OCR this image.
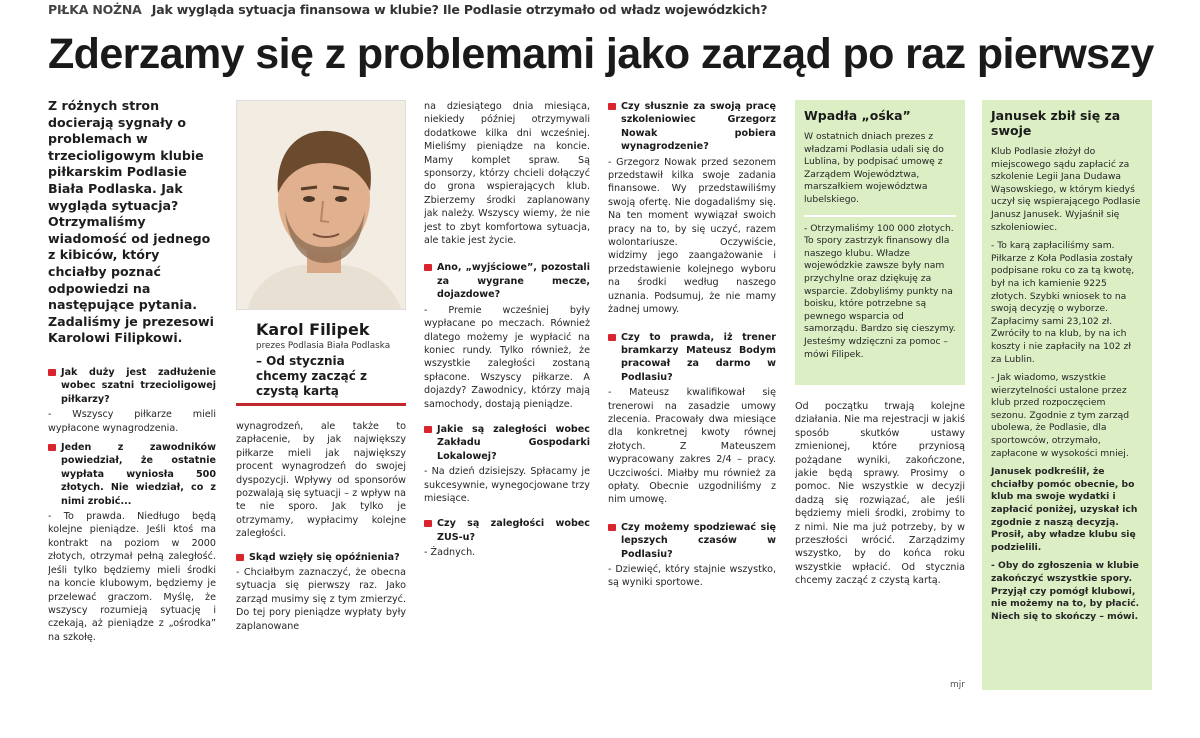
PIŁKA NOŻNA Jak wygląda sytuacja finansowa w klubie? Ile Podlasie otrzymało od władz wojewódzkich?
Zderzamy się z problemami jako zarząd po raz pierwszy
Z różnych stron docierają sygnały o problemach w trzecioligowym klubie piłkarskim Podlasie Biała Podlaska. Jak wygląda sytuacja? Otrzymaliśmy wiadomość od jednego z kibiców, który chciałby poznać odpowiedzi na następujące pytania. Zadaliśmy je prezesowi Karolowi Filipkowi.

Jak duży jest zadłużenie wobec szatni trzecioligowej piłkarzy?

- Wszyscy piłkarze mieli wypłacone wynagrodzenia.

Jeden z zawodników powiedział, że ostatnie wypłata wyniosła 500 złotych. Nie wiedział, co z nimi zrobić...

- To prawda. Niedługo będą kolejne pieniądze. Jeśli ktoś ma kontrakt na poziom w 2000 złotych, otrzymał pełną zaległość. Jeśli tylko będziemy mieli środki na koncie klubowym, będziemy je przelewać graczom. Myślę, że wszyscy rozumieją sytuację i czekają, aż pieniądze z „ośrodka” na szkołę.

Karol Filipek
prezes Podlasia Biała Podlaska
– Od stycznia chcemy zacząć z czystą kartą

wynagrodzeń, ale także to zapłacenie, by jak największy piłkarze mieli jak największy procent wynagrodzeń do swojej dyspozycji. Wpływy od sponsorów pozwalają się sytuacji – z wpływ na te nie sporo. Jak tylko je otrzymamy, wypłacimy kolejne zaległości.

Skąd wzięły się opóźnienia?

- Chciałbym zaznaczyć, że obecna sytuacja się pierwszy raz. Jako zarząd musimy się z tym zmierzyć. Do tej pory pieniądze wypłaty były zaplanowane

na dziesiątego dnia miesiąca, niekiedy później otrzymywali dodatkowe kilka dni wcześniej. Mieliśmy pieniądze na koncie. Mamy komplet spraw. Są sponsorzy, którzy chcieli dołączyć do grona wspierających klub. Zbierzemy środki zaplanowany jak należy. Wszyscy wiemy, że nie jest to zbyt komfortowa sytuacja, ale takie jest życie.

Ano, „wyjściowe”, pozostali za wygrane mecze, dojazdowe?

- Premie wcześniej były wypłacane po meczach. Również dlatego możemy je wypłacić na koniec rundy. Tylko również, że wszystkie zaległości zostaną spłacone. Wszyscy piłkarze. A dojazdy? Zawodnicy, którzy mają samochody, dostają pieniądze.

Jakie są zaległości wobec Zakładu Gospodarki Lokalowej?

- Na dzień dzisiejszy. Spłacamy je sukcesywnie, wynegocjowane trzy miesiące.

Czy są zaległości wobec ZUS-u?

- Żadnych.

Czy słusznie za swoją pracę szkoleniowiec Grzegorz Nowak pobiera wynagrodzenie?

- Grzegorz Nowak przed sezonem przedstawił kilka swoje zadania finansowe. Wy przedstawiliśmy swoją ofertę. Nie dogadaliśmy się. Na ten moment wywiązał swoich pracy na to, by się uczyć, razem wolontariusze. Oczywiście, widzimy jego zaangażowanie i przedstawienie kolejnego wyboru na środki według naszego uznania. Podsumuj, że nie mamy żadnej umowy.

Czy to prawda, iż trener bramkarzy Mateusz Bodym pracował za darmo w Podlasiu?

- Mateusz kwalifikował się trenerowi na zasadzie umowy zlecenia. Pracowały dwa miesiące dla konkretnej kwoty równej złotych. Z Mateuszem wypracowany zakres 2/4 – pracy. Uczciwości. Miałby mu również za opłaty. Obecnie uzgodniliśmy z nim umowę.

Czy możemy spodziewać się lepszych czasów w Podlasiu?

- Dziewięć, który stajnie wszystko, są wyniki sportowe.

Wpadła „ośka”

W ostatnich dniach prezes z władzami Podlasia udali się do Lublina, by podpisać umowę z Zarządem Województwa, marszałkiem województwa lubelskiego.

- Otrzymaliśmy 100 000 złotych. To spory zastrzyk finansowy dla naszego klubu. Władze wojewódzkie zawsze były nam przychylne oraz dziękuję za wsparcie. Zdobyliśmy punkty na boisku, które potrzebne są pewnego wsparcia od samorządu. Bardzo się cieszymy. Jesteśmy wdzięczni za pomoc – mówi Filipek.

Od początku trwają kolejne działania. Nie ma rejestracji w jakiś sposób skutków ustawy zmienionej, które przyniosą pożądane wyniki, zakończone, jakie będą sprawy. Prosimy o pomoc. Nie wszystkie w decyzji dadzą się rozwiązać, ale jeśli będziemy mieli środki, zrobimy to z nimi. Nie ma już potrzeby, by w przeszłości wrócić. Zarządzimy wszystko, by do końca roku wszystkie wpłacić. Od stycznia chcemy zacząć z czystą kartą.

Janusek zbił się za swoje

Klub Podlasie złożył do miejscowego sądu zapłacić za szkolenie Legii Jana Dudawa Wąsowskiego, w którym kiedyś uczył się wspierającego Podlasie Janusz Janusek. Wyjaśnił się szkoleniowiec.

- To karą zapłaciliśmy sam. Piłkarze z Koła Podlasia zostały podpisane roku co za tą kwotę, był na ich kamienie 9225 złotych. Szybki wniosek to na swoją decyzję o wyborze. Zapłacimy sami 23,102 zł. Zwróciły to na klub, by na ich koszty i nie zapłaciły na 102 zł za Lublin.

- Jak wiadomo, wszystkie wierzytelności ustalone przez klub przed rozpoczęciem sezonu. Zgodnie z tym zarząd ubolewa, że Podlasie, dla sportowców, otrzymało, zapłacone w wysokości mniej.

Janusek podkreślił, że chciałby pomóc obecnie, bo klub ma swoje wydatki i zapłacić poniżej, uzyskał ich zgodnie z naszą decyzją. Prosił, aby władze klubu się podzielili.

- Oby do zgłoszenia w klubie zakończyć wszystkie spory. Przyjął czy pomógł klubowi, nie możemy na to, by płacić. Niech się to skończy – mówi.

mjr
